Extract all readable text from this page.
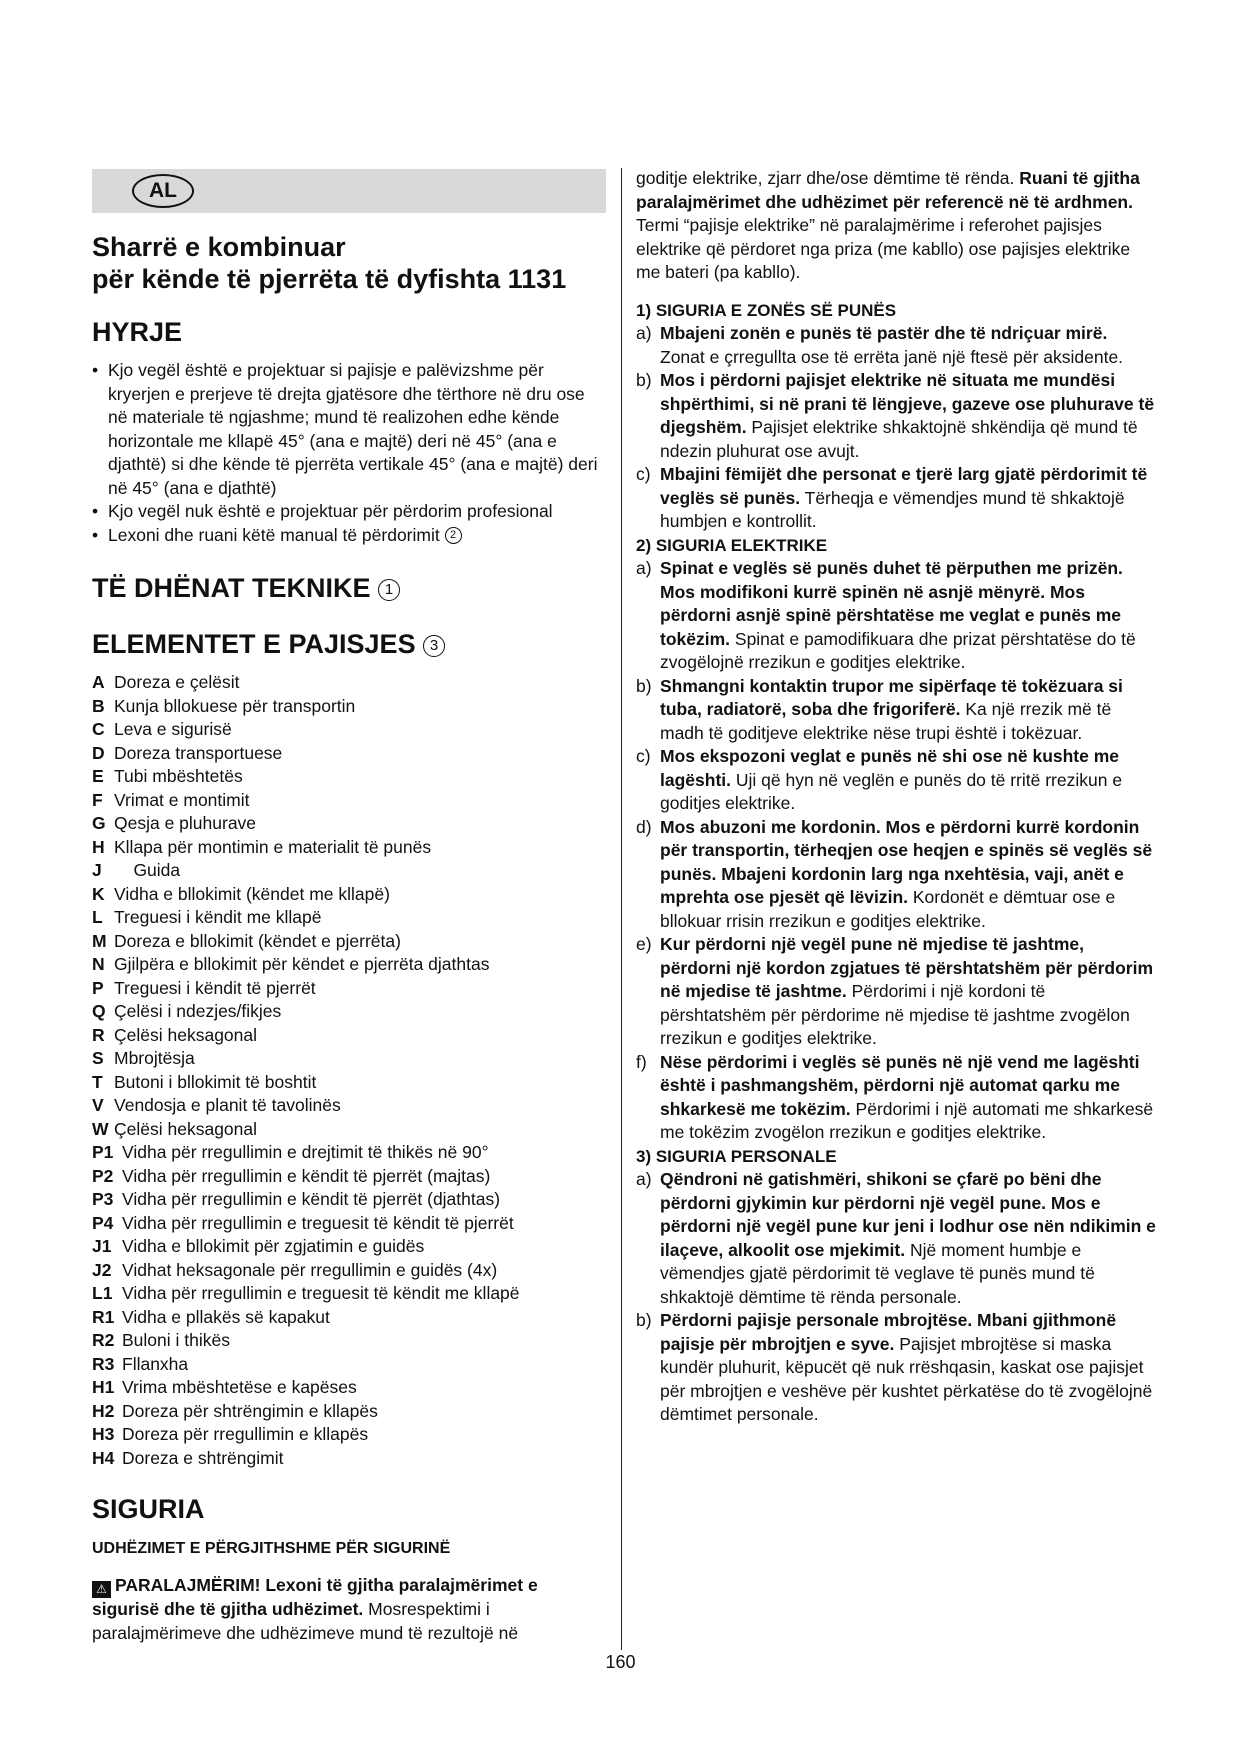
AL
Sharrë e kombinuar
për kënde të pjerrëta të dyfishta 1131
HYRJE
• Kjo vegël është e projektuar si pajisje e palëvizshme për kryerjen e prerjeve të drejta gjatësore dhe tërthore në dru ose në materiale të ngjashme; mund të realizohen edhe kënde horizontale me kllapë 45° (ana e majtë) deri në 45° (ana e djathtë) si dhe kënde të pjerrëta vertikale 45° (ana e majtë) deri në 45° (ana e djathtë)
• Kjo vegël nuk është e projektuar për përdorim profesional
• Lexoni dhe ruani këtë manual të përdorimit 2
TË DHËNAT TEKNIKE 1
ELEMENTET E PAJISJES 3
A Doreza e çelësit
B Kunja bllokuese për transportin
C Leva e sigurisë
D Doreza transportuese
E Tubi mbështetës
F Vrimat e montimit
G Qesja e pluhurave
H Kllapa për montimin e materialit të punës
J    Guida
K Vidha e bllokimit (këndet me kllapë)
L Treguesi i këndit me kllapë
M Doreza e bllokimit (këndet e pjerrëta)
N Gjilpëra e bllokimit për këndet e pjerrëta djathtas
P Treguesi i këndit të pjerrët
Q Çelësi i ndezjes/fikjes
R Çelësi heksagonal
S Mbrojtësja
T Butoni i bllokimit të boshtit
V Vendosja e planit të tavolinës
W Çelësi heksagonal
P1 Vidha për rregullimin e drejtimit të thikës në 90°
P2 Vidha për rregullimin e këndit të pjerrët (majtas)
P3 Vidha për rregullimin e këndit të pjerrët (djathtas)
P4 Vidha për rregullimin e treguesit të këndit të pjerrët
J1 Vidha e bllokimit për zgjatimin e guidës
J2 Vidhat heksagonale për rregullimin e guidës (4x)
L1 Vidha për rregullimin e treguesit të këndit me kllapë
R1 Vidha e pllakës së kapakut
R2 Buloni i thikës
R3 Fllanxha
H1 Vrima mbështetëse e kapëses
H2 Doreza për shtrëngimin e kllapës
H3 Doreza për rregullimin e kllapës
H4 Doreza e shtrëngimit
SIGURIA

UDHËZIMET E PËRGJITHSHME PËR SIGURINË

⚠ PARALAJMËRIM! Lexoni të gjitha paralajmërimet e sigurisë dhe të gjitha udhëzimet. Mosrespektimi i paralajmërimeve dhe udhëzimeve mund të rezultojë në

goditje elektrike, zjarr dhe/ose dëmtime të rënda. Ruani të gjitha paralajmërimet dhe udhëzimet për referencë në të ardhmen. Termi “pajisje elektrike” në paralajmërime i referohet pajisjes elektrike që përdoret nga priza (me kabllo) ose pajisjes elektrike me bateri (pa kabllo).

1) SIGURIA E ZONËS SË PUNËS

a) Mbajeni zonën e punës të pastër dhe të ndriçuar mirë. Zonat e çrregullta ose të errëta janë një ftesë për aksidente.
b) Mos i përdorni pajisjet elektrike në situata me mundësi shpërthimi, si në prani të lëngjeve, gazeve ose pluhurave të djegshëm. Pajisjet elektrike shkaktojnë shkëndija që mund të ndezin pluhurat ose avujt.
c) Mbajini fëmijët dhe personat e tjerë larg gjatë përdorimit të veglës së punës. Tërheqja e vëmendjes mund të shkaktojë humbjen e kontrollit.

2) SIGURIA ELEKTRIKE

a) Spinat e veglës së punës duhet të përputhen me prizën. Mos modifikoni kurrë spinën në asnjë mënyrë. Mos përdorni asnjë spinë përshtatëse me veglat e punës me tokëzim. Spinat e pamodifikuara dhe prizat përshtatëse do të zvogëlojnë rrezikun e goditjes elektrike.
b) Shmangni kontaktin trupor me sipërfaqe të tokëzuara si tuba, radiatorë, soba dhe frigoriferë. Ka një rrezik më të madh të goditjeve elektrike nëse trupi është i tokëzuar.
c) Mos ekspozoni veglat e punës në shi ose në kushte me lagështi. Uji që hyn në veglën e punës do të rritë rrezikun e goditjes elektrike.
d) Mos abuzoni me kordonin. Mos e përdorni kurrë kordonin për transportin, tërheqjen ose heqjen e spinës së veglës së punës. Mbajeni kordonin larg nga nxehtësia, vaji, anët e mprehta ose pjesët që lëvizin. Kordonët e dëmtuar ose e bllokuar rrisin rrezikun e goditjes elektrike.
e) Kur përdorni një vegël pune në mjedise të jashtme, përdorni një kordon zgjatues të përshtatshëm për përdorim në mjedise të jashtme. Përdorimi i një kordoni të përshtatshëm për përdorime në mjedise të jashtme zvogëlon rrezikun e goditjes elektrike.
f) Nëse përdorimi i veglës së punës në një vend me lagështi është i pashmangshëm, përdorni një automat qarku me shkarkesë me tokëzim. Përdorimi i një automati me shkarkesë me tokëzim zvogëlon rrezikun e goditjes elektrike.

3) SIGURIA PERSONALE

a) Qëndroni në gatishmëri, shikoni se çfarë po bëni dhe përdorni gjykimin kur përdorni një vegël pune. Mos e përdorni një vegël pune kur jeni i lodhur ose nën ndikimin e ilaçeve, alkoolit ose mjekimit. Një moment humbje e vëmendjes gjatë përdorimit të veglave të punës mund të shkaktojë dëmtime të rënda personale.
b) Përdorni pajisje personale mbrojtëse. Mbani gjithmonë pajisje për mbrojtjen e syve. Pajisjet mbrojtëse si maska kundër pluhurit, këpucët që nuk rrëshqasin, kaskat ose pajisjet për mbrojtjen e veshëve për kushtet përkatëse do të zvogëlojnë dëmtimet personale.
160
